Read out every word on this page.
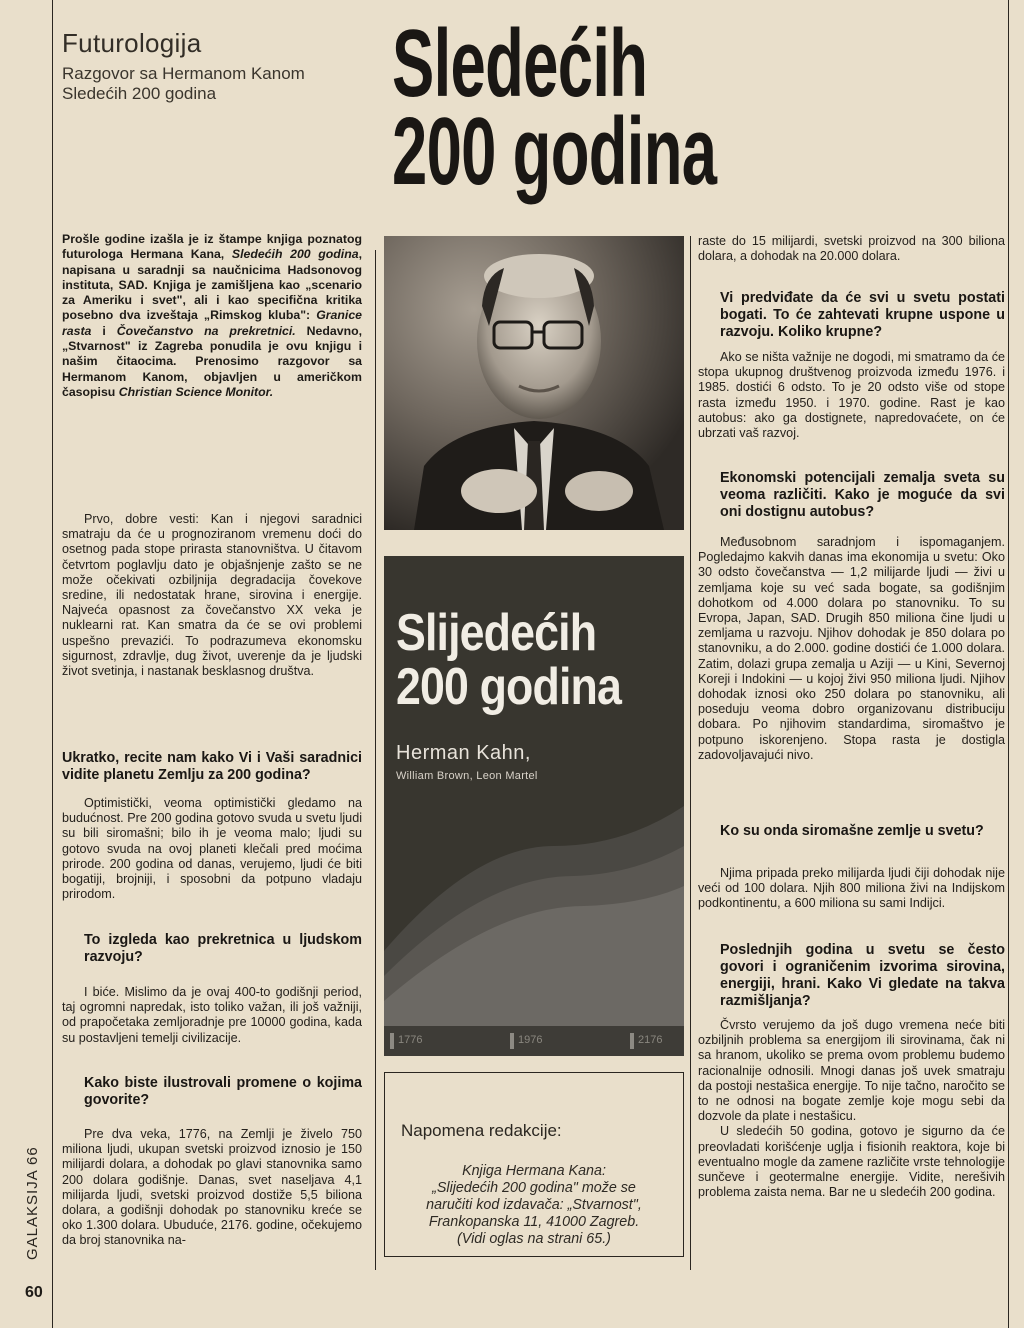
Futurologija
Razgovor sa Hermanom Kanom
Sledećih 200 godina	Sledećih
200 godina
Prošle godine izašla je iz štampe knjiga poznatog futurologa Hermana Kana, Sledećih 200 godina, napisana u saradnji sa naučnicima Hadsonovog instituta, SAD. Knjiga je zamišljena kao „scenario za Ameriku i svet", ali i kao specifična kritika posebno dva izveštaja „Rimskog kluba": Granice rasta i Čovečanstvo na prekretnici. Nedavno, „Stvarnost" iz Zagreba ponudila je ovu knjigu i našim čitaocima. Prenosimo razgovor sa Hermanom Kanom, objavljen u američkom časopisu Christian Science Monitor.

Prvo, dobre vesti: Kan i njegovi saradnici smatraju da će u prognoziranom vremenu doći do osetnog pada stope prirasta stanovništva. U čitavom četvrtom poglavlju dato je objašnjenje zašto se ne može očekivati ozbiljnija degradacija čovekove sredine, ili nedostatak hrane, sirovina i energije. Najveća opasnost za čovečanstvo XX veka je nuklearni rat. Kan smatra da će se ovi problemi uspešno prevazići. To podrazumeva ekonomsku sigurnost, zdravlje, dug život, uverenje da je ljudski život svetinja, i nastanak besklasnog društva.

Ukratko, recite nam kako Vi i Vaši saradnici vidite planetu Zemlju za 200 godina?

Optimistički, veoma optimistički gledamo na budućnost. Pre 200 godina gotovo svuda u svetu ljudi su bili siromašni; bilo ih je veoma malo; ljudi su gotovo svuda na ovoj planeti klečali pred moćima prirode. 200 godina od danas, verujemo, ljudi će biti bogatiji, brojniji, i sposobni da potpuno vladaju prirodom.

To izgleda kao prekretnica u ljudskom razvoju?

I biće. Mislimo da je ovaj 400-to godišnji period, taj ogromni napredak, isto toliko važan, ili još važniji, od prapočetaka zemljoradnje pre 10000 godina, kada su postavljeni temelji civilizacije.

Kako biste ilustrovali promene o kojima govorite?

Pre dva veka, 1776, na Zemlji je živelo 750 miliona ljudi, ukupan svetski proizvod iznosio je 150 milijardi dolara, a dohodak po glavi stanovnika samo 200 dolara godišnje. Danas, svet naseljava 4,1 milijarda ljudi, svetski proizvod dostiže 5,5 biliona dolara, a godišnji dohodak po stanovniku kreće se oko 1.300 dolara. Ubuduće, 2176. godine, očekujemo da broj stanovnika na-

Slijedećih
200 godina
Herman Kahn,
William Brown, Leon Martel
1776	1976	2176
Napomena redakcije:
Knjiga Hermana Kana:
„Slijedećih 200 godina" može se
naručiti kod izdavača: „Stvarnost",
Frankopanska 11, 41000 Zagreb.
(Vidi oglas na strani 65.)

raste do 15 milijardi, svetski proizvod na 300 biliona dolara, a dohodak na 20.000 dolara.

Vi predviđate da će svi u svetu postati bogati. To će zahtevati krupne uspone u razvoju. Koliko krupne?

Ako se ništa važnije ne dogodi, mi smatramo da će stopa ukupnog društvenog proizvoda između 1976. i 1985. dostići 6 odsto. To je 20 odsto više od stope rasta između 1950. i 1970. godine. Rast je kao autobus: ako ga dostignete, napredovaćete, on će ubrzati vaš razvoj.

Ekonomski potencijali zemalja sveta su veoma različiti. Kako je moguće da svi oni dostignu autobus?

Međusobnom saradnjom i ispomaganjem. Pogledajmo kakvih danas ima ekonomija u svetu: Oko 30 odsto čovečanstva — 1,2 milijarde ljudi — živi u zemljama koje su već sada bogate, sa godišnjim dohotkom od 4.000 dolara po stanovniku. To su Evropa, Japan, SAD. Drugih 850 miliona čine ljudi u zemljama u razvoju. Njihov dohodak je 850 dolara po stanovniku, a do 2.000. godine dostići će 1.000 dolara. Zatim, dolazi grupa zemalja u Aziji — u Kini, Severnoj Koreji i Indokini — u kojoj živi 950 miliona ljudi. Njihov dohodak iznosi oko 250 dolara po stanovniku, ali poseduju veoma dobro organizovanu distribuciju dobara. Po njihovim standardima, siromaštvo je potpuno iskorenjeno. Stopa rasta je dostigla zadovoljavajući nivo.

Ko su onda siromašne zemlje u svetu?

Njima pripada preko milijarda ljudi čiji dohodak nije veći od 100 dolara. Njih 800 miliona živi na Indijskom podkontinentu, a 600 miliona su sami Indijci.

Poslednjih godina u svetu se često govori i ograničenim izvorima sirovina, energiji, hrani. Kako Vi gledate na takva razmišljanja?

Čvrsto verujemo da još dugo vremena neće biti ozbiljnih problema sa energijom ili sirovinama, čak ni sa hranom, ukoliko se prema ovom problemu budemo racionalnije odnosili. Mnogi danas još uvek smatraju da postoji nestašica energije. To nije tačno, naročito se to ne odnosi na bogate zemlje koje mogu sebi da dozvole da plate i nestašicu.

U sledećih 50 godina, gotovo je sigurno da će preovladati korišćenje uglja i fisionih reaktora, koje bi eventualno mogle da zamene različite vrste tehnologije sunčeve i geotermalne energije. Vidite, nerešivih problema zaista nema. Bar ne u sledećih 200 godina.

GALAKSIJA 66
60
